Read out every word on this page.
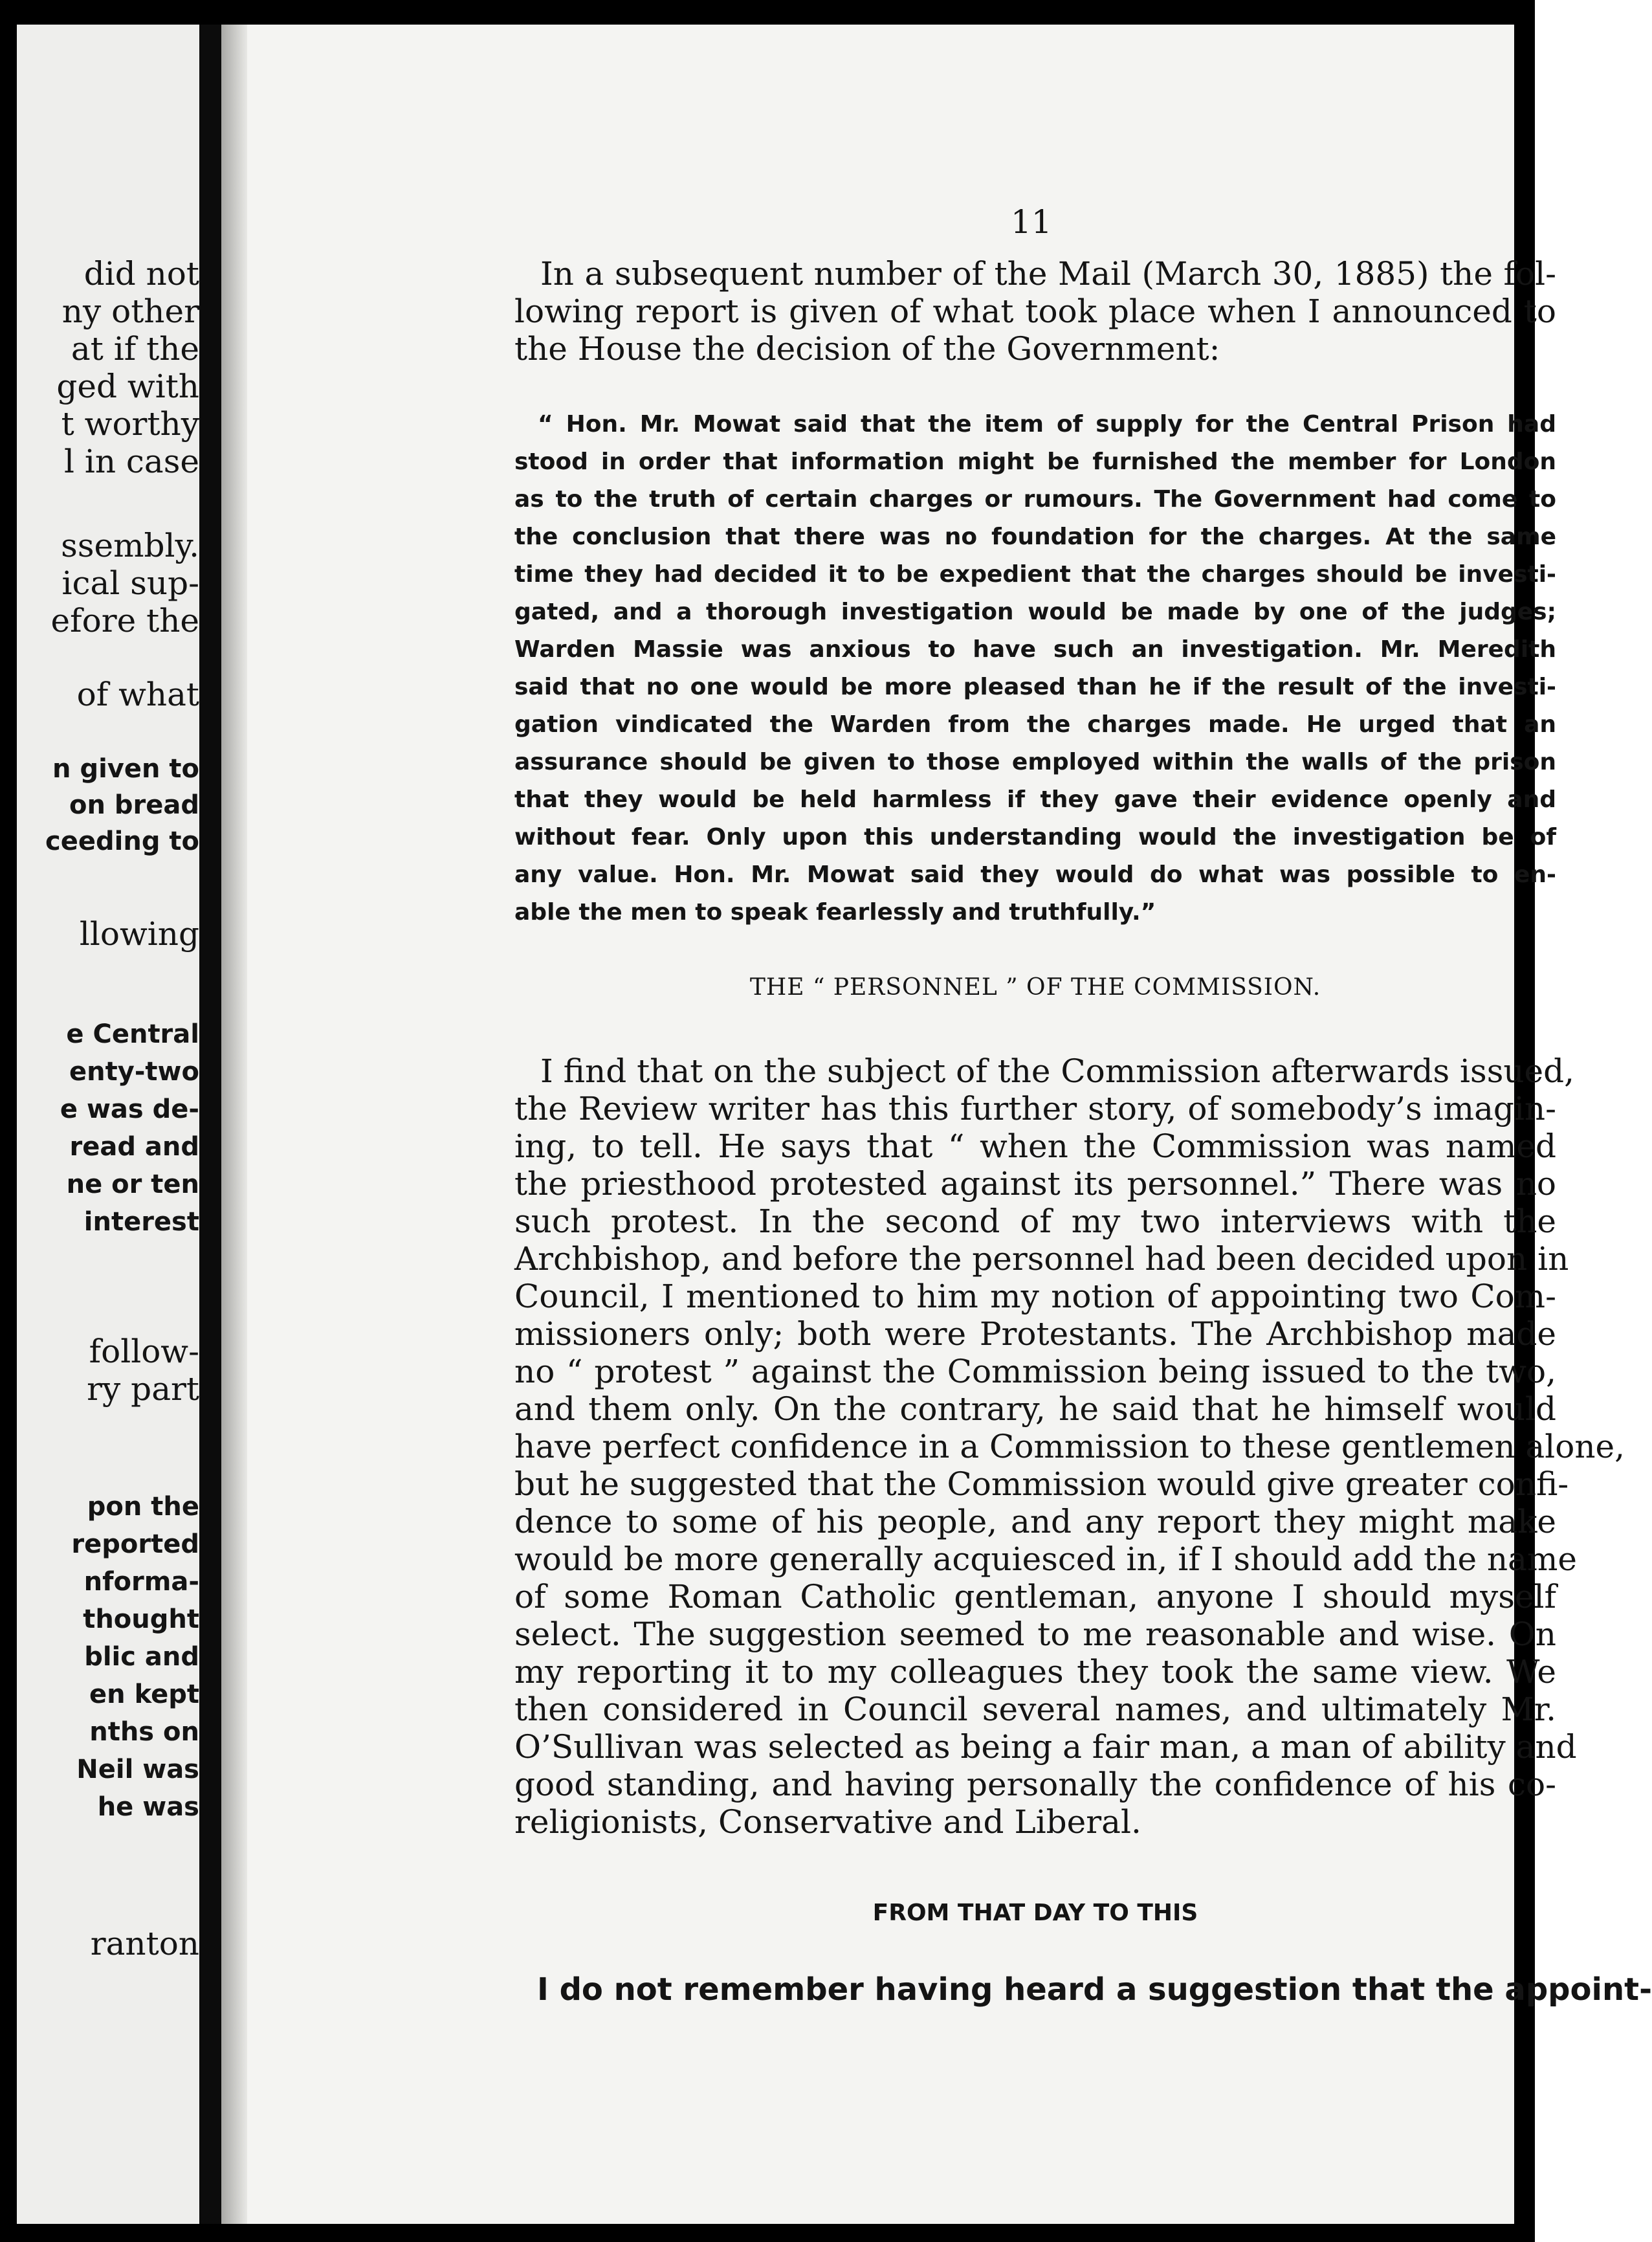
did not
ny other
at if the
ged with
t worthy
l in case
ssembly.
ical sup-
efore the
of what
n given to
on bread
ceeding to
llowing
e Central
enty-two
e was de-
read and
ne or ten
interest
follow-
ry part
pon the
reported
nforma-
thought
blic and
en kept
nths on
Neil was
he was
ranton
11
In a subsequent number of the Mail (March 30, 1885) the fol-
lowing report is given of what took place when I announced to
the House the decision of the Government:
“ Hon. Mr. Mowat said that the item of supply for the Central Prison had
stood in order that information might be furnished the member for London
as to the truth of certain charges or rumours. The Government had come to
the conclusion that there was no foundation for the charges. At the same
time they had decided it to be expedient that the charges should be investi-
gated, and a thorough investigation would be made by one of the judges;
Warden Massie was anxious to have such an investigation. Mr. Meredith
said that no one would be more pleased than he if the result of the investi-
gation vindicated the Warden from the charges made. He urged that an
assurance should be given to those employed within the walls of the prison
that they would be held harmless if they gave their evidence openly and
without fear. Only upon this understanding would the investigation be of
any value. Hon. Mr. Mowat said they would do what was possible to en-
able the men to speak fearlessly and truthfully.”
THE “ PERSONNEL ” OF THE COMMISSION.
I find that on the subject of the Commission afterwards issued,
the Review writer has this further story, of somebody’s imagin-
ing, to tell. He says that “ when the Commission was named
the priesthood protested against its personnel.” There was no
such protest. In the second of my two interviews with the
Archbishop, and before the personnel had been decided upon in
Council, I mentioned to him my notion of appointing two Com-
missioners only; both were Protestants. The Archbishop made
no “ protest ” against the Commission being issued to the two,
and them only. On the contrary, he said that he himself would
have perfect confidence in a Commission to these gentlemen alone,
but he suggested that the Commission would give greater confi-
dence to some of his people, and any report they might make
would be more generally acquiesced in, if I should add the name
of some Roman Catholic gentleman, anyone I should myself
select. The suggestion seemed to me reasonable and wise. On
my reporting it to my colleagues they took the same view. We
then considered in Council several names, and ultimately Mr.
O’Sullivan was selected as being a fair man, a man of ability and
good standing, and having personally the confidence of his co-
religionists, Conservative and Liberal.
FROM THAT DAY TO THIS
I do not remember having heard a suggestion that the appoint-
